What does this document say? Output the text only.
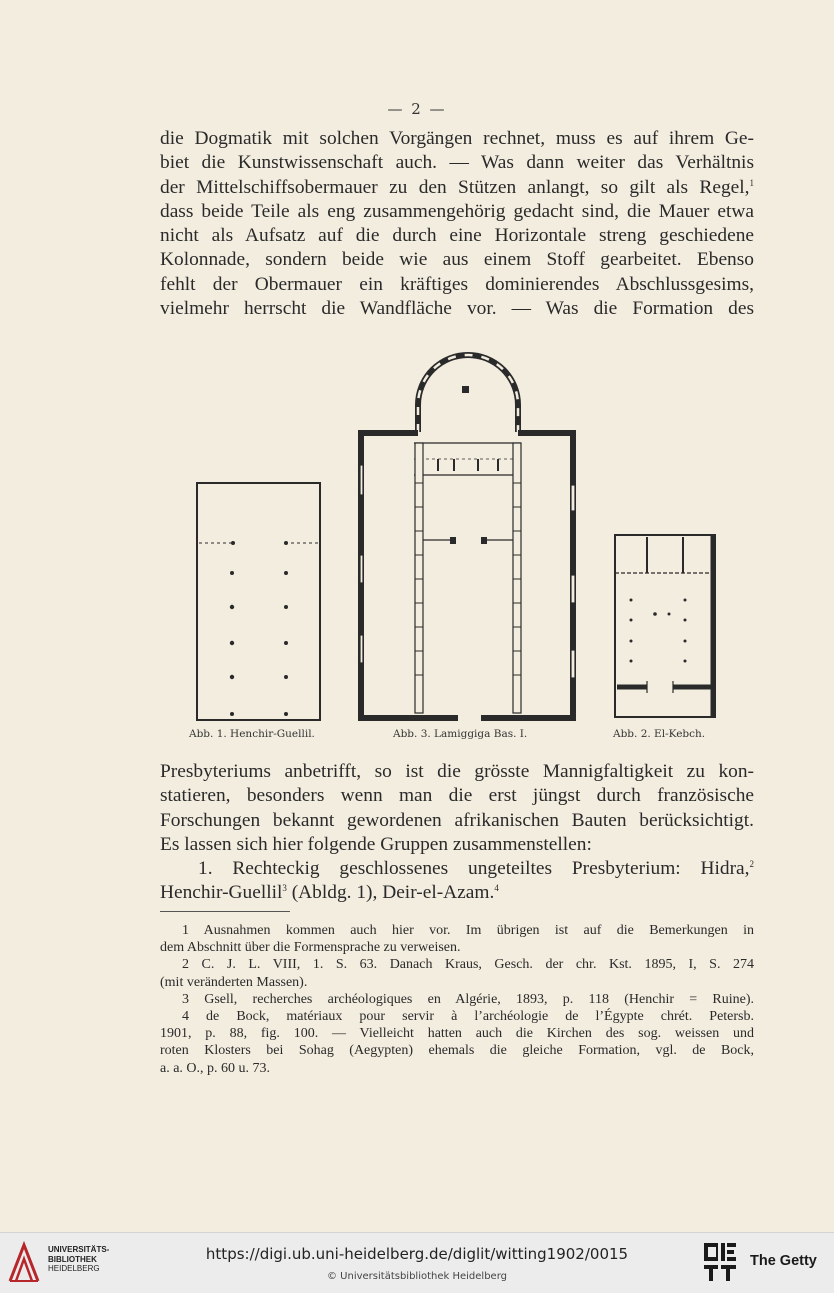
— 2 —
die Dogmatik mit solchen Vorgängen rechnet, muss es auf ihrem Ge-
biet die Kunstwissenschaft auch. — Was dann weiter das Verhältnis
der Mittelschiffsobermauer zu den Stützen anlangt, so gilt als Regel,$^1$
dass beide Teile als eng zusammengehörig gedacht sind, die Mauer etwa
nicht als Aufsatz auf die durch eine Horizontale streng geschiedene
Kolonnade, sondern beide wie aus einem Stoff gearbeitet. Ebenso
fehlt der Obermauer ein kräftiges dominierendes Abschlussgesims,
vielmehr herrscht die Wandfläche vor. — Was die Formation des
Abb. 1. Henchir-Guellil.	Abb. 3. Lamiggiga Bas. I.	Abb. 2. El-Kebch.
Presbyteriums anbetrifft, so ist die grösste Mannigfaltigkeit zu kon-
statieren, besonders wenn man die erst jüngst durch französische
Forschungen bekannt gewordenen afrikanischen Bauten berücksichtigt.
Es lassen sich hier folgende Gruppen zusammenstellen:
1. Rechteckig geschlossenes ungeteiltes Presbyterium: Hidra,$^2$
Henchir-Guellil$^3$ (Abldg. 1), Deir-el-Azam.$^4$
1 Ausnahmen kommen auch hier vor. Im übrigen ist auf die Bemerkungen in
dem Abschnitt über die Formensprache zu verweisen.
2 C. J. L. VIII, 1. S. 63. Danach Kraus, Gesch. der chr. Kst. 1895, I, S. 274
(mit veränderten Massen).
3 Gsell, recherches archéologiques en Algérie, 1893, p. 118 (Henchir = Ruine).
4 de Bock, matériaux pour servir à l’archéologie de l’Égypte chrét. Petersb.
1901, p. 88, fig. 100. — Vielleicht hatten auch die Kirchen des sog. weissen und
roten Klosters bei Sohag (Aegypten) ehemals die gleiche Formation, vgl. de Bock,
a. a. O., p. 60 u. 73.
UNIVERSITÄTS-
BIBLIOTHEK
HEIDELBERG
https://digi.ub.uni-heidelberg.de/diglit/witting1902/0015
© Universitätsbibliothek Heidelberg
The Getty
